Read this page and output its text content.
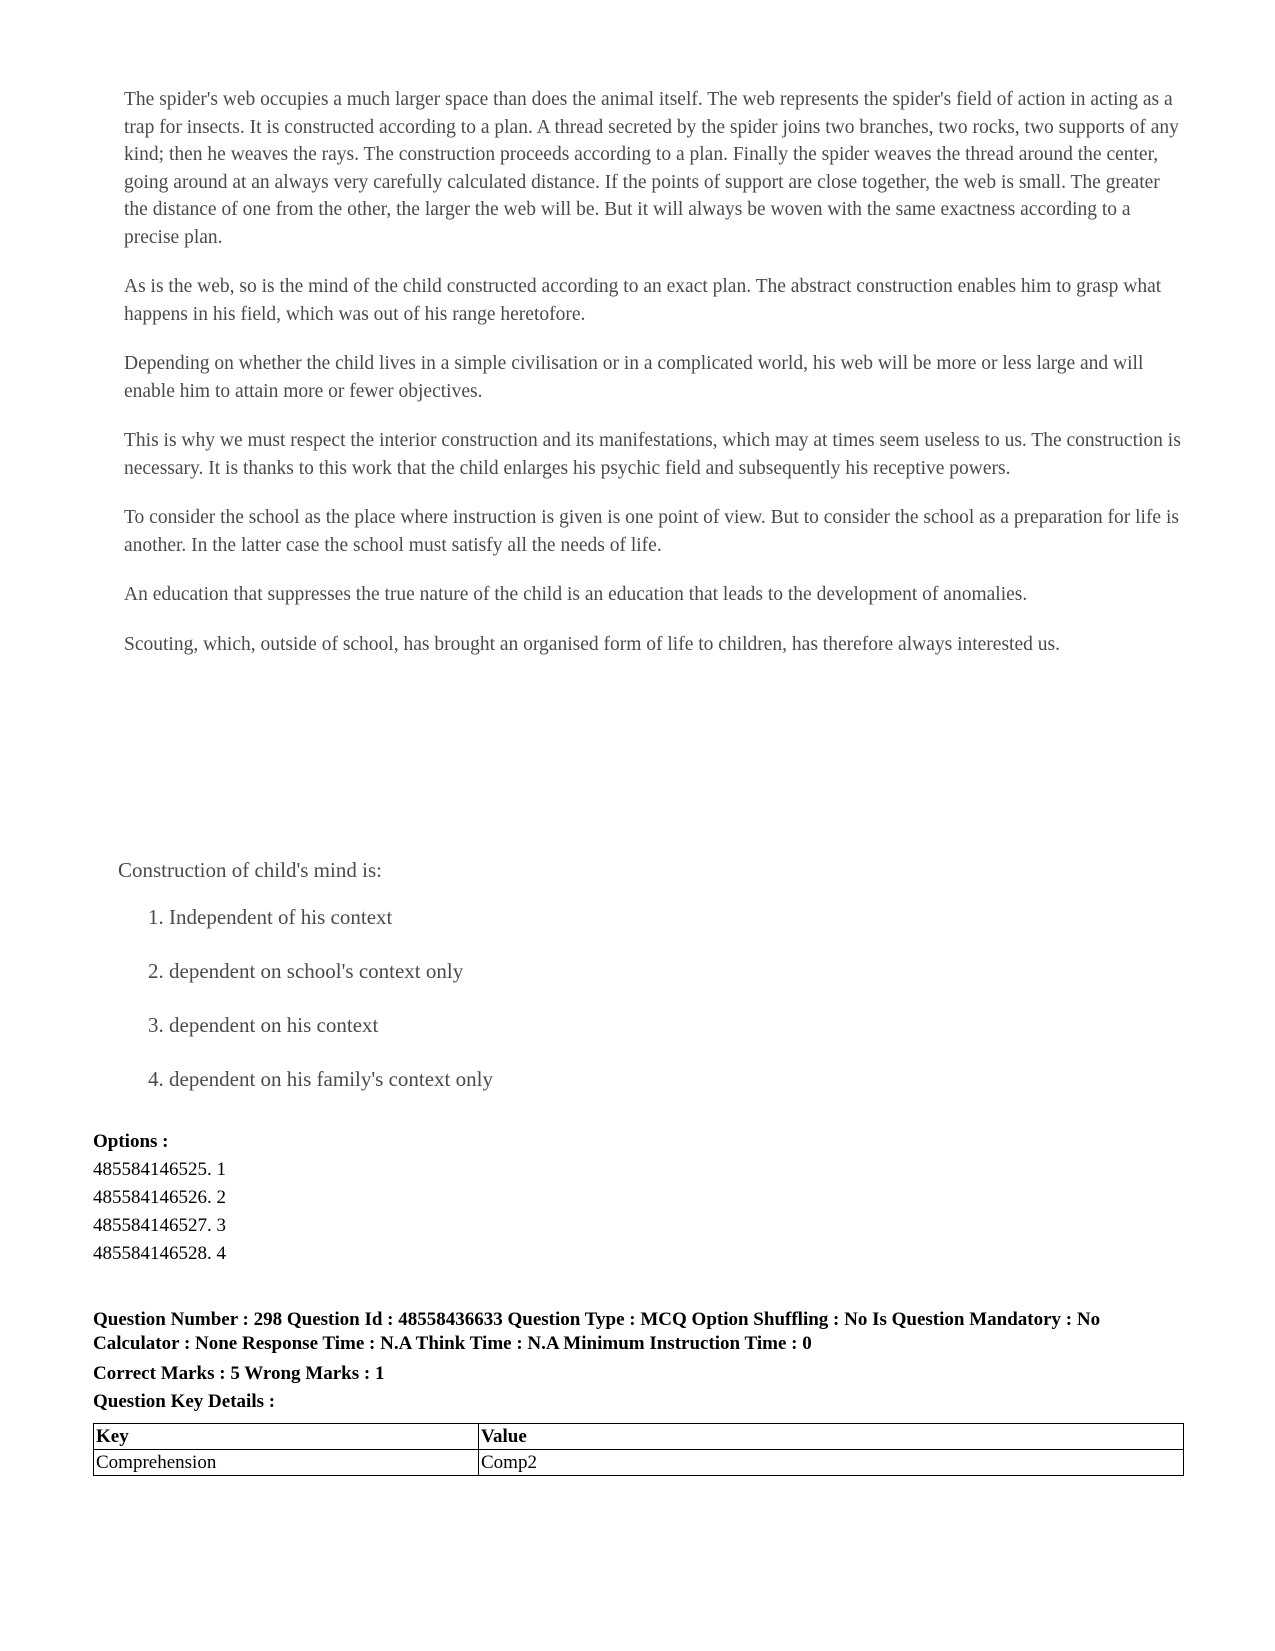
The spider's web occupies a much larger space than does the animal itself. The web represents the spider's field of action in acting as a trap for insects. It is constructed according to a plan. A thread secreted by the spider joins two branches, two rocks, two supports of any kind; then he weaves the rays. The construction proceeds according to a plan. Finally the spider weaves the thread around the center, going around at an always very carefully calculated distance. If the points of support are close together, the web is small. The greater the distance of one from the other, the larger the web will be. But it will always be woven with the same exactness according to a precise plan.

As is the web, so is the mind of the child constructed according to an exact plan. The abstract construction enables him to grasp what happens in his field, which was out of his range heretofore.

Depending on whether the child lives in a simple civilisation or in a complicated world, his web will be more or less large and will enable him to attain more or fewer objectives.

This is why we must respect the interior construction and its manifestations, which may at times seem useless to us. The construction is necessary. It is thanks to this work that the child enlarges his psychic field and subsequently his receptive powers.

To consider the school as the place where instruction is given is one point of view. But to consider the school as a preparation for life is another. In the latter case the school must satisfy all the needs of life.

An education that suppresses the true nature of the child is an education that leads to the development of anomalies.

Scouting, which, outside of school, has brought an organised form of life to children, has therefore always interested us.

Construction of child's mind is:
1. Independent of his context
2. dependent on school's context only
3. dependent on his context
4. dependent on his family's context only
Options :
485584146525. 1
485584146526. 2
485584146527. 3
485584146528. 4
Question Number : 298 Question Id : 48558436633 Question Type : MCQ Option Shuffling : No Is Question Mandatory : No Calculator : None Response Time : N.A Think Time : N.A Minimum Instruction Time : 0
Correct Marks : 5 Wrong Marks : 1
Question Key Details :
Key	Value
Comprehension	Comp2
